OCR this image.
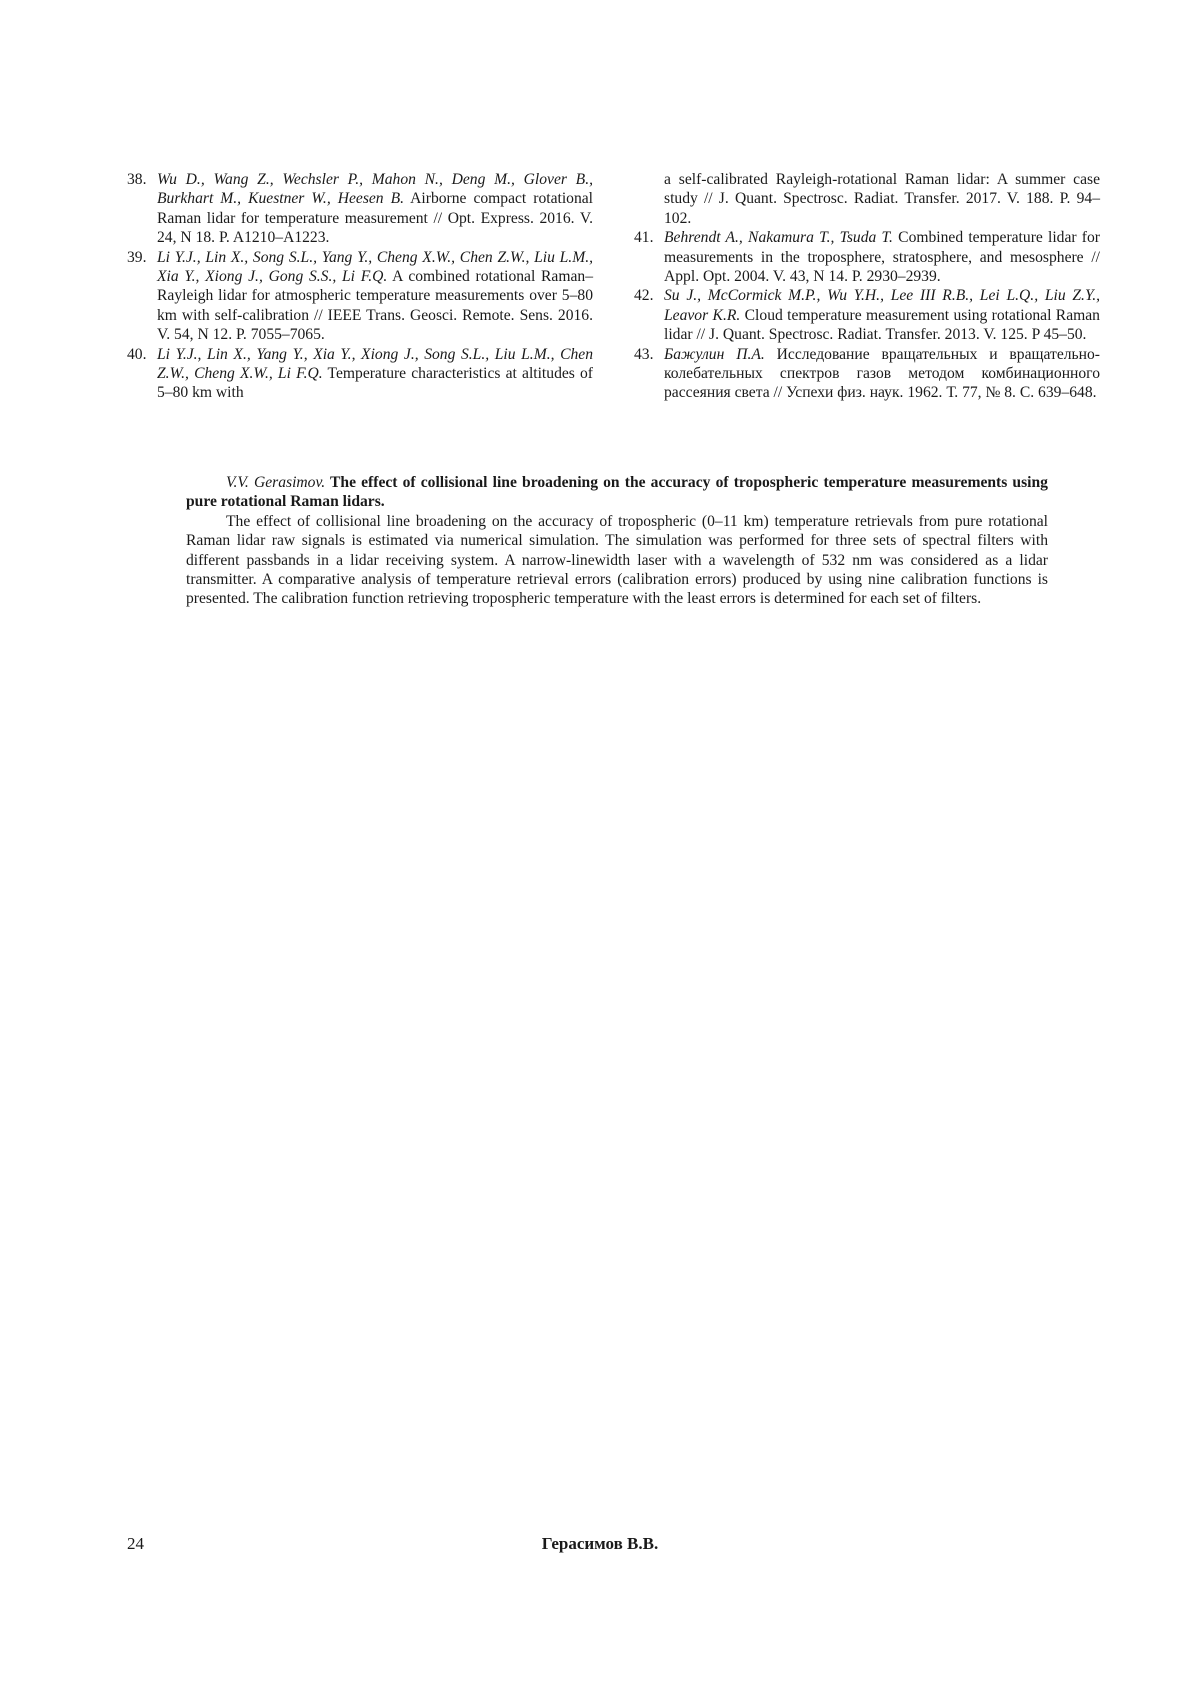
38. Wu D., Wang Z., Wechsler P., Mahon N., Deng M., Glover B., Burkhart M., Kuestner W., Heesen B. Airborne compact rotational Raman lidar for temperature measurement // Opt. Express. 2016. V. 24, N 18. P. A1210–A1223.
39. Li Y.J., Lin X., Song S.L., Yang Y., Cheng X.W., Chen Z.W., Liu L.M., Xia Y., Xiong J., Gong S.S., Li F.Q. A combined rotational Raman–Rayleigh lidar for atmospheric temperature measurements over 5–80 km with self-calibration // IEEE Trans. Geosci. Remote. Sens. 2016. V. 54, N 12. P. 7055–7065.
40. Li Y.J., Lin X., Yang Y., Xia Y., Xiong J., Song S.L., Liu L.M., Chen Z.W., Cheng X.W., Li F.Q. Temperature characteristics at altitudes of 5–80 km with
a self-calibrated Rayleigh-rotational Raman lidar: A summer case study // J. Quant. Spectrosc. Radiat. Transfer. 2017. V. 188. P. 94–102.
41. Behrendt A., Nakamura T., Tsuda T. Combined temperature lidar for measurements in the troposphere, stratosphere, and mesosphere // Appl. Opt. 2004. V. 43, N 14. P. 2930–2939.
42. Su J., McCormick M.P., Wu Y.H., Lee III R.B., Lei L.Q., Liu Z.Y., Leavor K.R. Cloud temperature measurement using rotational Raman lidar // J. Quant. Spectrosc. Radiat. Transfer. 2013. V. 125. P 45–50.
43. Бажулин П.А. Исследование вращательных и вращательно-колебательных спектров газов методом комбинационного рассеяния света // Успехи физ. наук. 1962. Т. 77, № 8. С. 639–648.
V.V. Gerasimov. The effect of collisional line broadening on the accuracy of tropospheric temperature measurements using pure rotational Raman lidars.
The effect of collisional line broadening on the accuracy of tropospheric (0–11 km) temperature retrievals from pure rotational Raman lidar raw signals is estimated via numerical simulation. The simulation was performed for three sets of spectral filters with different passbands in a lidar receiving system. A narrow-linewidth laser with a wavelength of 532 nm was considered as a lidar transmitter. A comparative analysis of temperature retrieval errors (calibration errors) produced by using nine calibration functions is presented. The calibration function retrieving tropospheric temperature with the least errors is determined for each set of filters.
24	Герасимов В.В.
